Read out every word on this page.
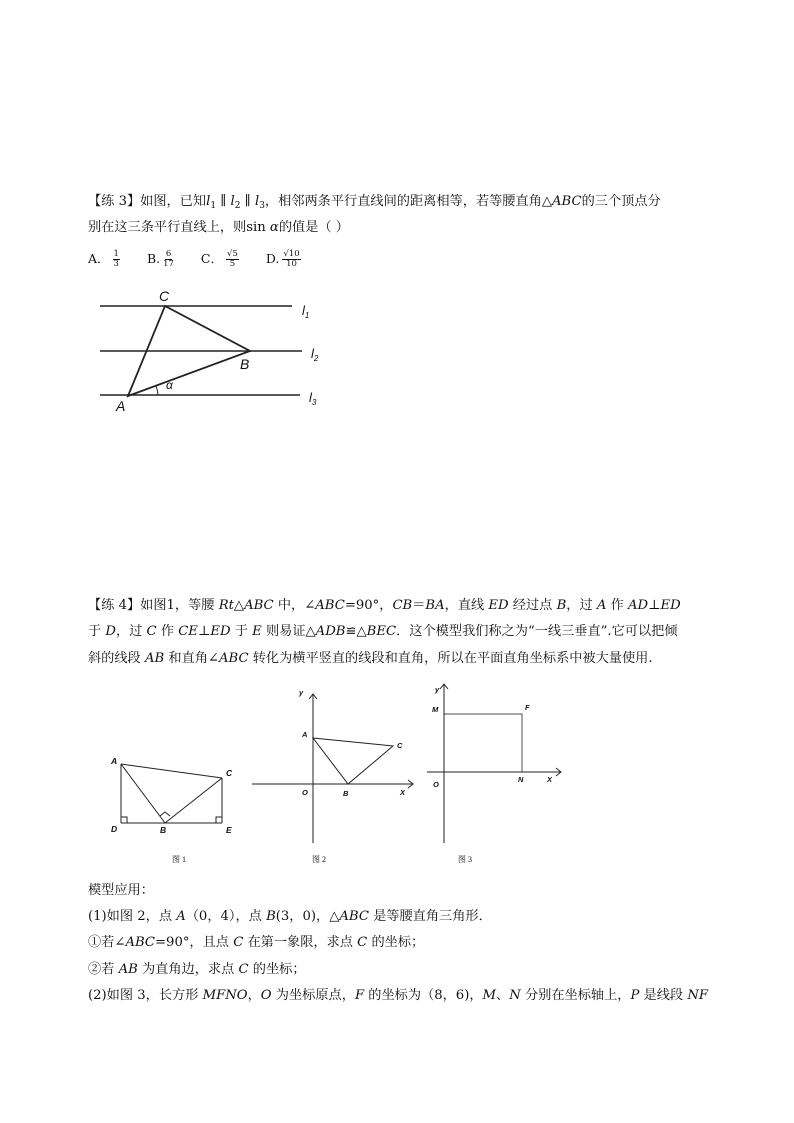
【练 3】如图，已知$l_1$ ∥ $l_2$ ∥ $l_3$，相邻两条平行直线间的距离相等，若等腰直角△ABC的三个顶点分
别在这三条平行直线上，则sin α的值是（ ）
A． $\frac{1}{3} B$. $\frac{6}{17}$ C． $\frac{√5}{5} D$. $\frac{√10}{10}$
C
B
A
α
$l_1$
$l_2$
$l_3$
【练 4】如图1，等腰 Rt△ABC 中，∠ABC=90°，CB＝BA，直线 ED 经过点 B，过 A 作 AD⊥ED
于 D，过 C 作 CE⊥ED 于 E 则易证△ADB≌△BEC．这个模型我们称之为“一线三垂直”.它可以把倾
斜的线段 AB 和直角∠ABC 转化为横平竖直的线段和直角，所以在平面直角坐标系中被大量使用.
A
C
D	B	E
图 1
y
A
C
O	B	X
图 2
y
M	F
O
N	X
图 3
模型应用：
(1)如图 2，点 A（0，4），点 B(3，0)，△ABC 是等腰直角三角形．
①若∠ABC=90°，且点 C 在第一象限，求点 C 的坐标；
②若 AB 为直角边，求点 C 的坐标；
(2)如图 3，长方形 MFNO，O 为坐标原点，F 的坐标为（8，6)，M、N 分别在坐标轴上，P 是线段 NF
